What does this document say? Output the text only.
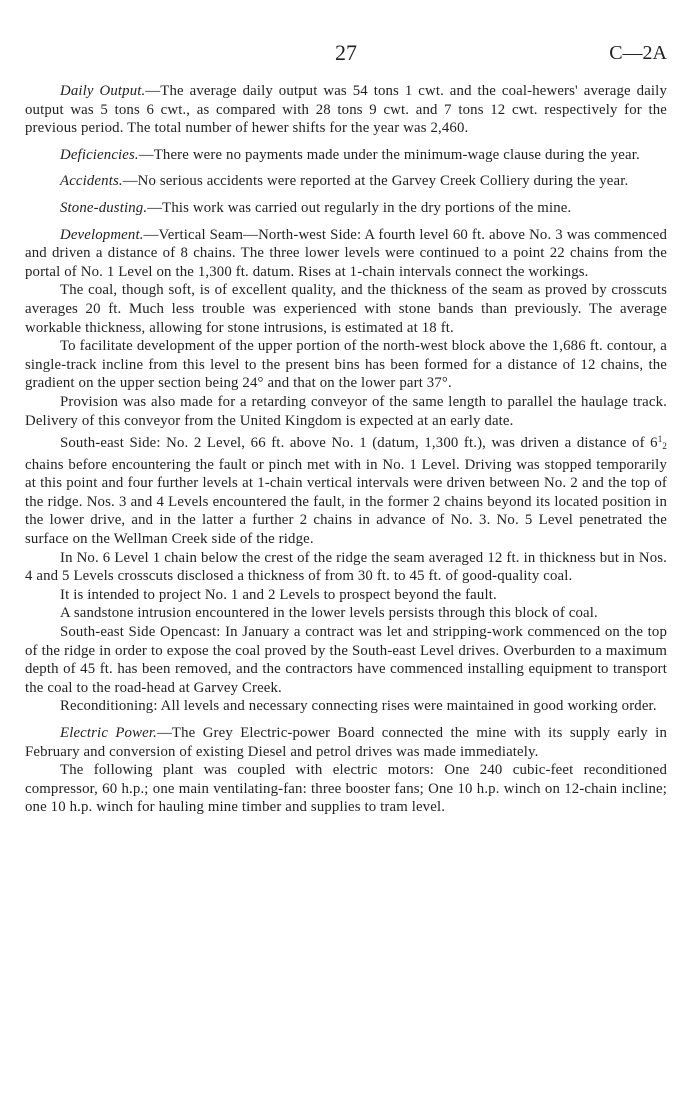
27	C—2A

Daily Output.—The average daily output was 54 tons 1 cwt. and the coal-hewers' average daily output was 5 tons 6 cwt., as compared with 28 tons 9 cwt. and 7 tons 12 cwt. respectively for the previous period. The total number of hewer shifts for the year was 2,460.

Deficiencies.—There were no payments made under the minimum-wage clause during the year.

Accidents.—No serious accidents were reported at the Garvey Creek Colliery during the year.

Stone-dusting.—This work was carried out regularly in the dry portions of the mine.

Development.—Vertical Seam—North-west Side: A fourth level 60 ft. above No. 3 was commenced and driven a distance of 8 chains. The three lower levels were continued to a point 22 chains from the portal of No. 1 Level on the 1,300 ft. datum. Rises at 1-chain intervals connect the workings.

The coal, though soft, is of excellent quality, and the thickness of the seam as proved by crosscuts averages 20 ft. Much less trouble was experienced with stone bands than previously. The average workable thickness, allowing for stone intrusions, is estimated at 18 ft.

To facilitate development of the upper portion of the north-west block above the 1,686 ft. contour, a single-track incline from this level to the present bins has been formed for a distance of 12 chains, the gradient on the upper section being 24° and that on the lower part 37°.

Provision was also made for a retarding conveyor of the same length to parallel the haulage track. Delivery of this conveyor from the United Kingdom is expected at an early date.

South-east Side: No. 2 Level, 66 ft. above No. 1 (datum, 1,300 ft.), was driven a distance of $6^1_2$ chains before encountering the fault or pinch met with in No. 1 Level. Driving was stopped temporarily at this point and four further levels at 1-chain vertical intervals were driven between No. 2 and the top of the ridge. Nos. 3 and 4 Levels encountered the fault, in the former 2 chains beyond its located position in the lower drive, and in the latter a further 2 chains in advance of No. 3. No. 5 Level penetrated the surface on the Wellman Creek side of the ridge.

In No. 6 Level 1 chain below the crest of the ridge the seam averaged 12 ft. in thickness but in Nos. 4 and 5 Levels crosscuts disclosed a thickness of from 30 ft. to 45 ft. of good-quality coal.

It is intended to project No. 1 and 2 Levels to prospect beyond the fault.

A sandstone intrusion encountered in the lower levels persists through this block of coal.

South-east Side Opencast: In January a contract was let and stripping-work commenced on the top of the ridge in order to expose the coal proved by the South-east Level drives. Overburden to a maximum depth of 45 ft. has been removed, and the contractors have commenced installing equipment to transport the coal to the road-head at Garvey Creek.

Reconditioning: All levels and necessary connecting rises were maintained in good working order.

Electric Power.—The Grey Electric-power Board connected the mine with its supply early in February and conversion of existing Diesel and petrol drives was made immediately.

The following plant was coupled with electric motors: One 240 cubic-feet reconditioned compressor, 60 h.p.; one main ventilating-fan: three booster fans; One 10 h.p. winch on 12-chain incline; one 10 h.p. winch for hauling mine timber and supplies to tram level.
